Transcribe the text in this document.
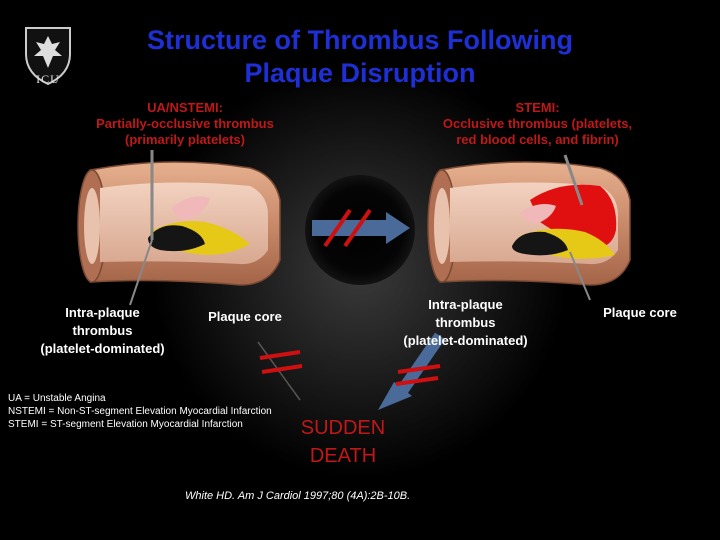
ICU
Structure of Thrombus Following
Plaque Disruption
UA/NSTEMI:
Partially-occlusive thrombus
(primarily platelets)
STEMI:
Occlusive thrombus (platelets,
red blood cells, and fibrin)
Intra-plaque
thrombus
(platelet-dominated)
Plaque core
Intra-plaque
thrombus
(platelet-dominated)
Plaque core
UA = Unstable Angina
NSTEMI = Non-ST-segment Elevation Myocardial Infarction
STEMI = ST-segment Elevation Myocardial Infarction	SUDDEN
DEATH
White HD. Am J Cardiol 1997;80 (4A):2B-10B.
